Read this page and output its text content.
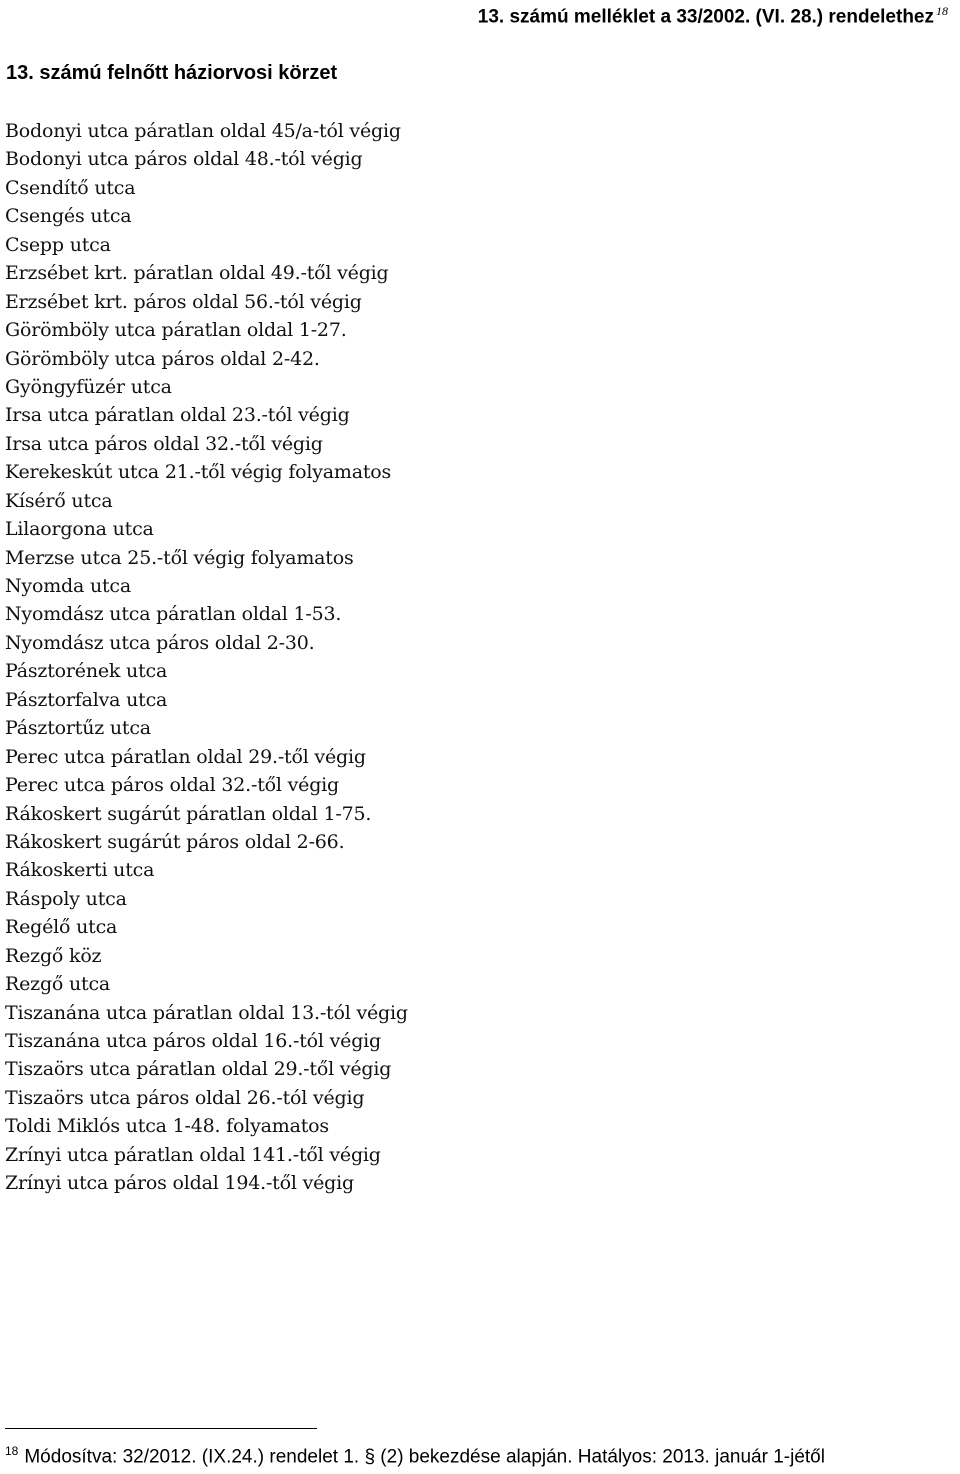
13. számú melléklet a 33/2002. (VI. 28.) rendelethez $^{18}$
13. számú felnőtt háziorvosi körzet
Bodonyi utca páratlan oldal 45/a-tól végig
Bodonyi utca páros oldal 48.-tól végig
Csendítő utca
Csengés utca
Csepp utca
Erzsébet krt. páratlan oldal 49.-től végig
Erzsébet krt. páros oldal 56.-tól végig
Görömböly utca páratlan oldal 1-27.
Görömböly utca páros oldal 2-42.
Gyöngyfüzér utca
Irsa utca páratlan oldal 23.-tól végig
Irsa utca páros oldal 32.-től végig
Kerekeskút utca 21.-től végig folyamatos
Kísérő utca
Lilaorgona utca
Merzse utca 25.-től végig folyamatos
Nyomda utca
Nyomdász utca páratlan oldal 1-53.
Nyomdász utca páros oldal 2-30.
Pásztorének utca
Pásztorfalva utca
Pásztortűz utca
Perec utca páratlan oldal 29.-től végig
Perec utca páros oldal 32.-től végig
Rákoskert sugárút páratlan oldal 1-75.
Rákoskert sugárút páros oldal 2-66.
Rákoskerti utca
Ráspoly utca
Regélő utca
Rezgő köz
Rezgő utca
Tiszanána utca páratlan oldal 13.-tól végig
Tiszanána utca páros oldal 16.-tól végig
Tiszaörs utca páratlan oldal 29.-től végig
Tiszaörs utca páros oldal 26.-tól végig
Toldi Miklós utca 1-48. folyamatos
Zrínyi utca páratlan oldal 141.-től végig
Zrínyi utca páros oldal 194.-től végig
$^{18}$ Módosítva: 32/2012. (IX.24.) rendelet 1. § (2) bekezdése alapján. Hatályos: 2013. január 1-jétől
